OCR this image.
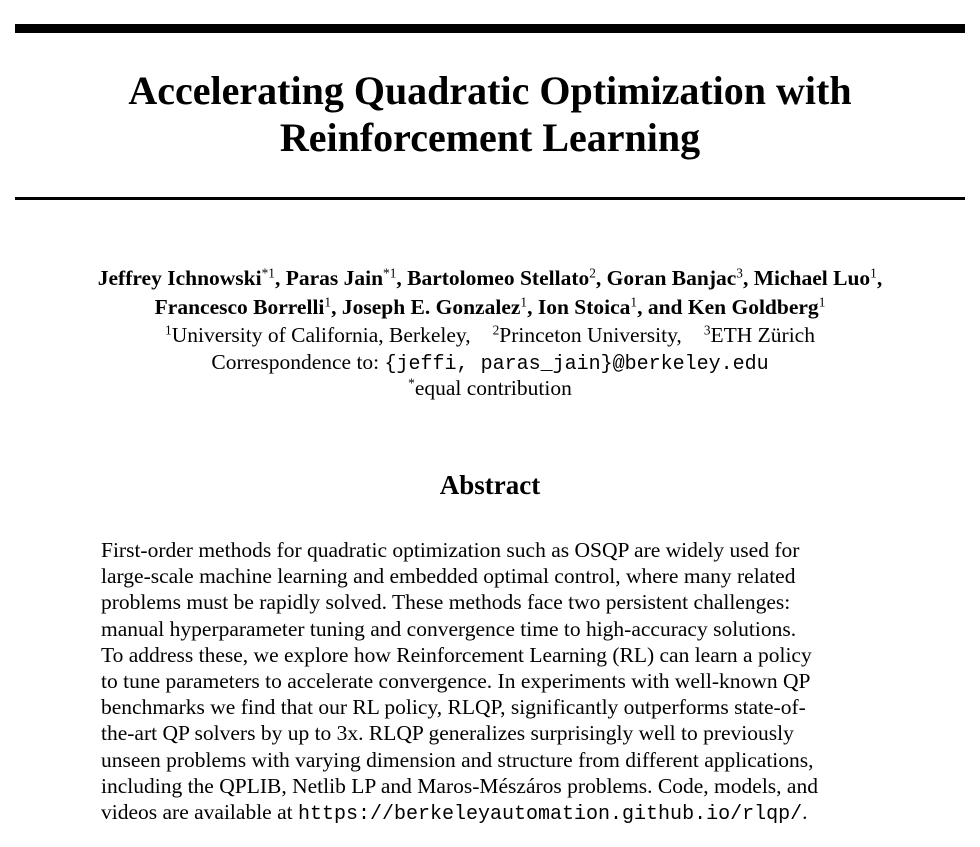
Accelerating Quadratic Optimization with
Reinforcement Learning
Jeffrey Ichnowski$^{*1}$, Paras Jain$^{*1}$, Bartolomeo Stellato$^2$, Goran Banjac$^3$, Michael Luo$^1$,
Francesco Borrelli$^1$, Joseph E. Gonzalez$^1$, Ion Stoica$^1$, and Ken Goldberg$^1$
$^1$University of California, Berkeley, $^2$Princeton University, $^3$ETH Zürich
Correspondence to: {jeffi, paras_jain}@berkeley.edu
*equal contribution
Abstract
First-order methods for quadratic optimization such as OSQP are widely used for
large-scale machine learning and embedded optimal control, where many related
problems must be rapidly solved. These methods face two persistent challenges:
manual hyperparameter tuning and convergence time to high-accuracy solutions.
To address these, we explore how Reinforcement Learning (RL) can learn a policy
to tune parameters to accelerate convergence. In experiments with well-known QP
benchmarks we find that our RL policy, RLQP, significantly outperforms state-of-
the-art QP solvers by up to 3x. RLQP generalizes surprisingly well to previously
unseen problems with varying dimension and structure from different applications,
including the QPLIB, Netlib LP and Maros-Mészáros problems. Code, models, and
videos are available at https://berkeleyautomation.github.io/rlqp/.
